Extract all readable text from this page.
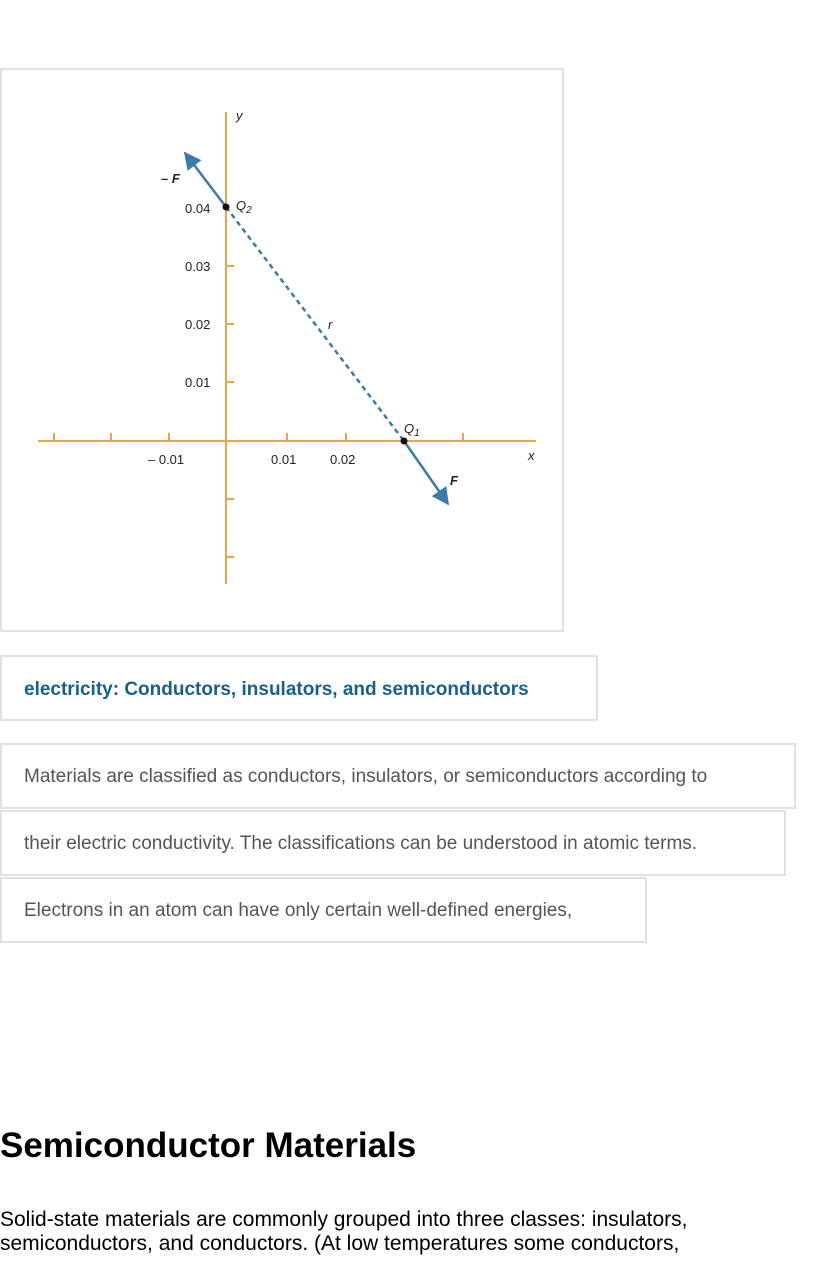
y
x
0.04
0.03
0.02
0.01
– 0.01	0.01	0.02
– F
F
r
$Q_2$
$Q_1$
electricity: Conductors, insulators, and semiconductors
Materials are classified as conductors, insulators, or semiconductors according to
their electric conductivity. The classifications can be understood in atomic terms.
Electrons in an atom can have only certain well-defined energies,
Semiconductor Materials

Solid-state materials are commonly grouped into three classes: insulators, semiconductors, and conductors. (At low temperatures some conductors,
